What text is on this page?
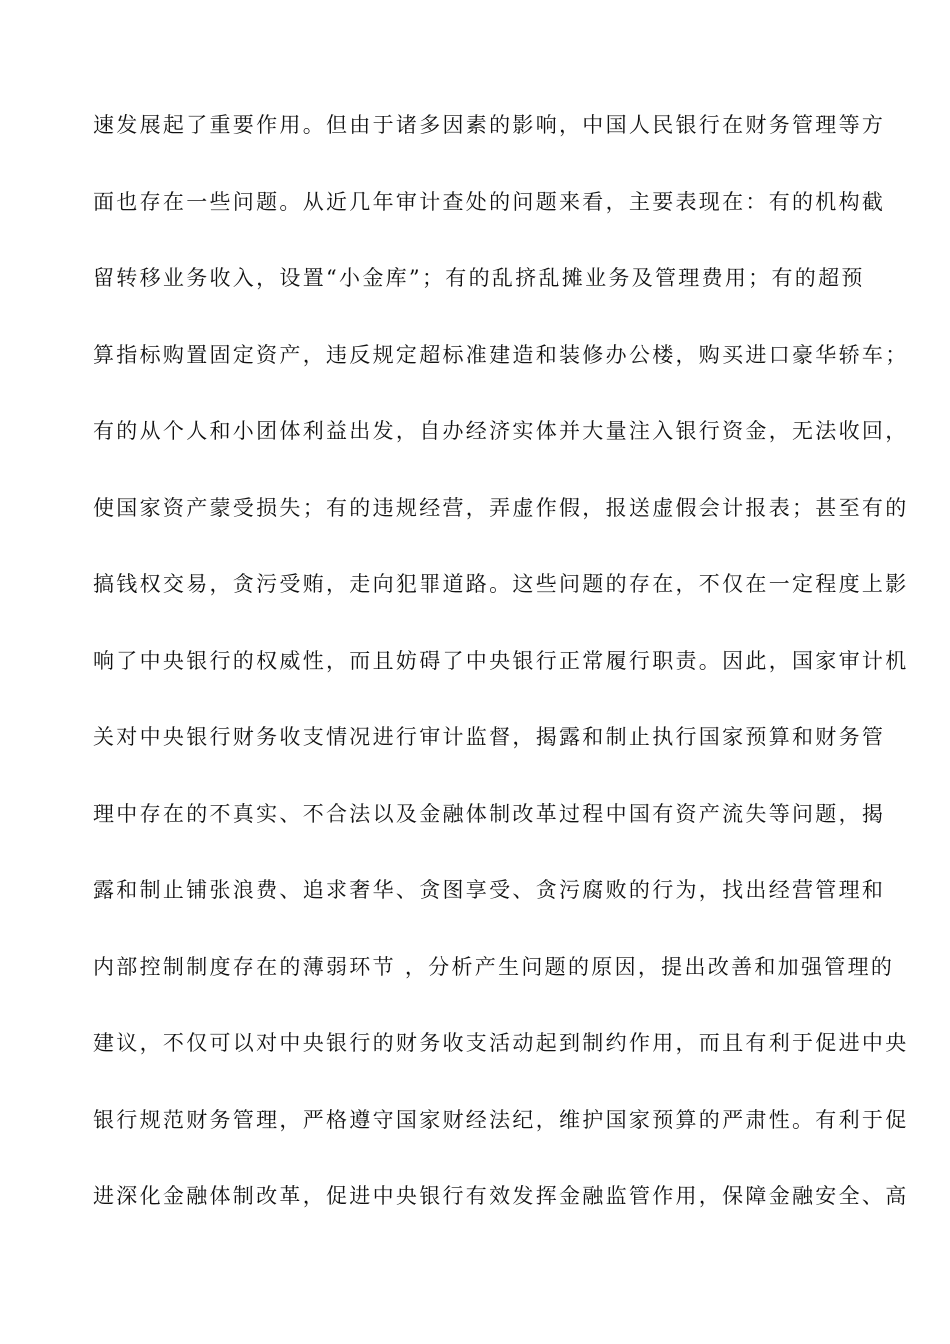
速发展起了重要作用。但由于诸多因素的影响，中国人民银行在财务管理等方
面也存在一些问题。从近几年审计查处的问题来看，主要表现在：有的机构截
留转移业务收入，设置“小金库”；有的乱挤乱摊业务及管理费用；有的超预
算指标购置固定资产，违反规定超标准建造和装修办公楼，购买进口豪华轿车；
有的从个人和小团体利益出发，自办经济实体并大量注入银行资金，无法收回，
使国家资产蒙受损失；有的违规经营，弄虚作假，报送虚假会计报表；甚至有的
搞钱权交易，贪污受贿，走向犯罪道路。这些问题的存在，不仅在一定程度上影
响了中央银行的权威性，而且妨碍了中央银行正常履行职责。因此，国家审计机
关对中央银行财务收支情况进行审计监督，揭露和制止执行国家预算和财务管
理中存在的不真实、不合法以及金融体制改革过程中国有资产流失等问题，揭
露和制止铺张浪费、追求奢华、贪图享受、贪污腐败的行为，找出经营管理和
内部控制制度存在的薄弱环节 ，分析产生问题的原因，提出改善和加强管理的
建议，不仅可以对中央银行的财务收支活动起到制约作用，而且有利于促进中央
银行规范财务管理，严格遵守国家财经法纪，维护国家预算的严肃性。有利于促
进深化金融体制改革，促进中央银行有效发挥金融监管作用，保障金融安全、高
